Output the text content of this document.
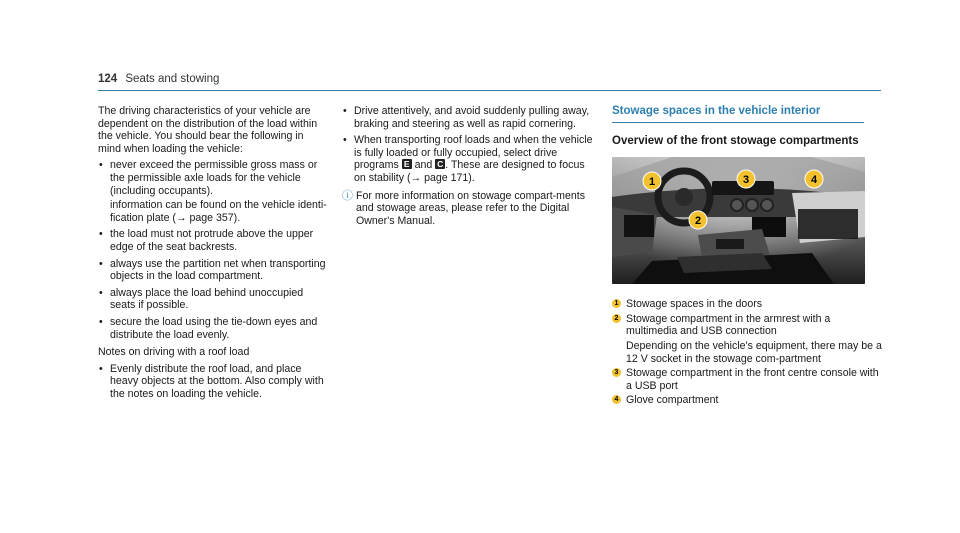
124 Seats and stowing

The driving characteristics of your vehicle are dependent on the distribution of the load within the vehicle. You should bear the following in mind when loading the vehicle:

• never exceed the permissible gross mass or the permissible axle loads for the vehicle (including occupants).
information can be found on the vehicle identi-fication plate (→ page 357).
• the load must not protrude above the upper edge of the seat backrests.
• always use the partition net when transporting objects in the load compartment.
• always place the load behind unoccupied seats if possible.
• secure the load using the tie-down eyes and distribute the load evenly.

Notes on driving with a roof load

• Evenly distribute the roof load, and place heavy objects at the bottom. Also comply with the notes on loading the vehicle.
• Drive attentively, and avoid suddenly pulling away, braking and steering as well as rapid cornering.
• When transporting roof loads and when the vehicle is fully loaded or fully occupied, select drive programs E and C . These are designed to focus on stability (→ page 171).
ⓘ For more information on stowage compart-ments and stowage areas, please refer to the Digital Owner's Manual.
Stowage spaces in the vehicle interior
Overview of the front stowage compartments
1
2
3	4
1 Stowage spaces in the doors
2 Stowage compartment in the armrest with a multimedia and USB connection
Depending on the vehicle's equipment, there may be a 12 V socket in the stowage com-partment
3 Stowage compartment in the front centre console with a USB port
4 Glove compartment
